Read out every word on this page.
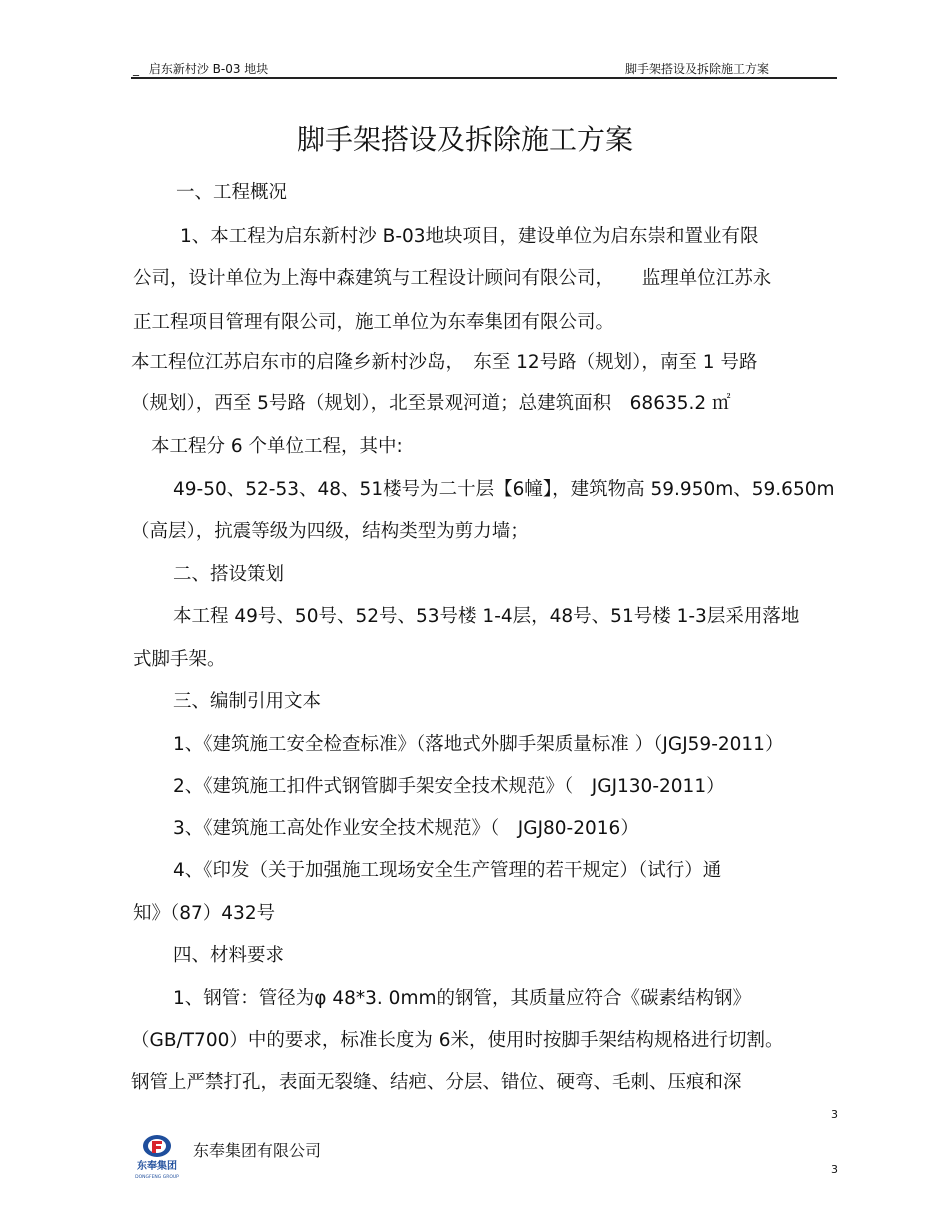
_ 启东新村沙 B-03 地块	脚手架搭设及拆除施工方案
脚手架搭设及拆除施工方案
一、工程概况
1、本工程为启东新村沙 B-03地块项目，建设单位为启东崇和置业有限
公司，设计单位为上海中森建筑与工程设计顾问有限公司，　　监理单位江苏永
正工程项目管理有限公司，施工单位为东奉集团有限公司。
本工程位江苏启东市的启隆乡新村沙岛，　东至 12号路（规划），南至 1 号路
（规划），西至 5号路（规划），北至景观河道；总建筑面积　68635.2 ㎡
本工程分 6 个单位工程，其中:
49-50、52-53、48、51楼号为二十层【6幢】，建筑物高 59.950m、59.650m
（高层），抗震等级为四级，结构类型为剪力墙；
二、搭设策划
本工程 49号、50号、52号、53号楼 1-4层，48号、51号楼 1-3层采用落地
式脚手架。
三、编制引用文本
1、《建筑施工安全检查标准》（落地式外脚手架质量标准 ）（JGJ59-2011）
2、《建筑施工扣件式钢管脚手架安全技术规范》（　JGJ130-2011）
3、《建筑施工高处作业安全技术规范》（　JGJ80-2016）
4、《印发（关于加强施工现场安全生产管理的若干规定）（试行）通
知》（87）432号
四、材料要求
1、钢管：管径为φ 48*3. 0mm的钢管，其质量应符合《碳素结构钢》
（GB/T700）中的要求，标准长度为 6米，使用时按脚手架结构规格进行切割。
钢管上严禁打孔，表面无裂缝、结疤、分层、错位、硬弯、毛刺、压痕和深
3
东奉集团
DONGFENG GROUP
东奉集团有限公司
3
